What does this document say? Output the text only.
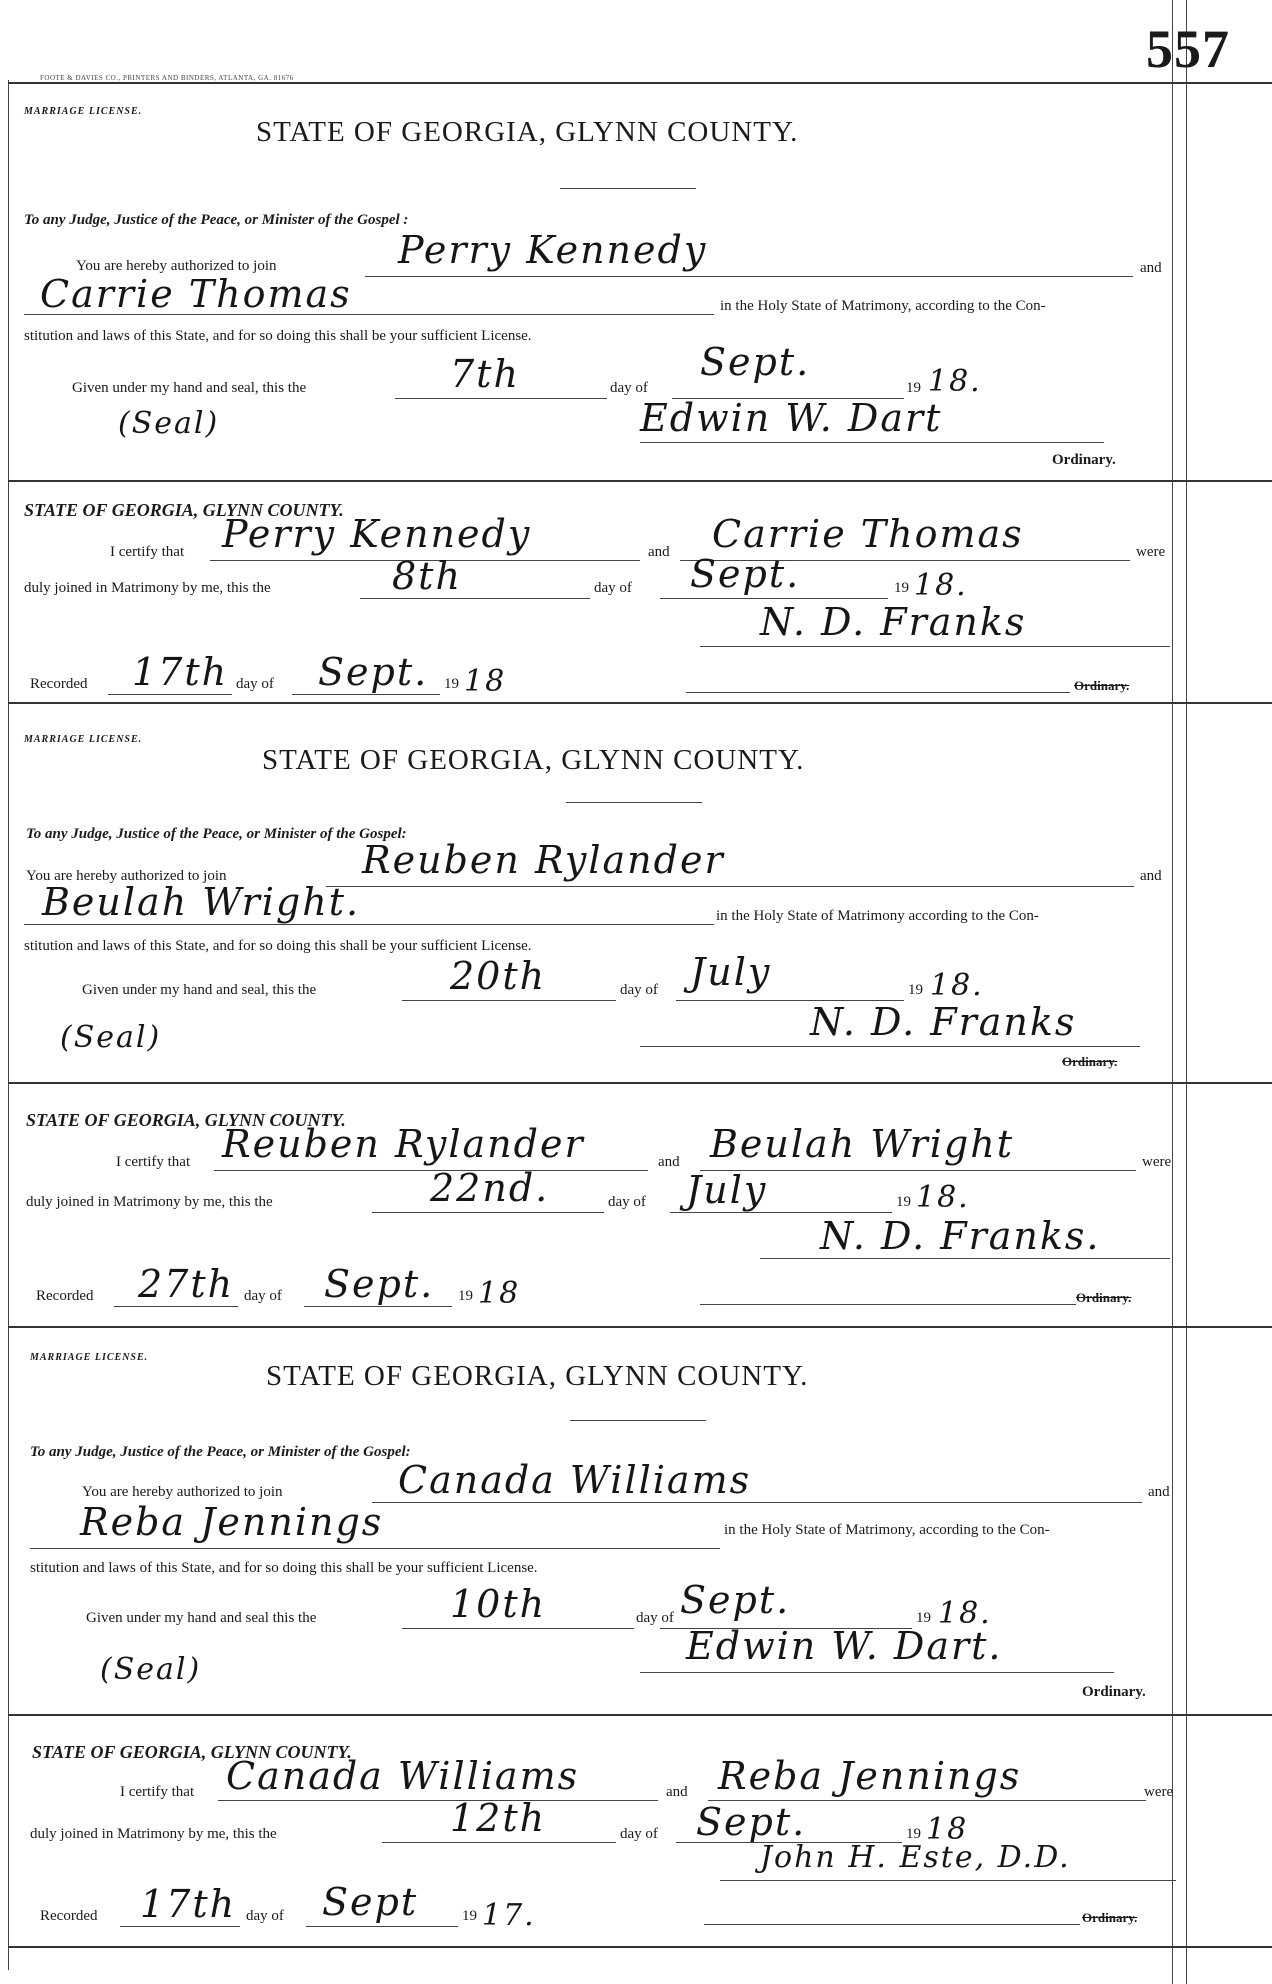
557
FOOTE & DAVIES CO., PRINTERS AND BINDERS, ATLANTA, GA. 81676
MARRIAGE LICENSE.
STATE OF GEORGIA, GLYNN COUNTY.
To any Judge, Justice of the Peace, or Minister of the Gospel :
You are hereby authorized to join	Perry Kennedy	and
Carrie Thomas	in the Holy State of Matrimony, according to the Con-
stitution and laws of this State, and for so doing this shall be your sufficient License.
Given under my hand and seal, this the	7th	day of
Sept.
19 18.
(Seal)	Edwin W. Dart
Ordinary.
STATE OF GEORGIA, GLYNN COUNTY.
I certify that Perry Kennedy	and Carrie Thomas	were
duly joined in Matrimony by me, this the	8th	day of Sept.	19 18.
N. D. Franks
Recorded 17th day of Sept. 19 18	Ordinary.
MARRIAGE LICENSE.
STATE OF GEORGIA, GLYNN COUNTY.
To any Judge, Justice of the Peace, or Minister of the Gospel:
You are hereby authorized to join	Reuben Rylander	and
Beulah Wright.	in the Holy State of Matrimony according to the Con-
stitution and laws of this State, and for so doing this shall be your sufficient License.
Given under my hand and seal, this the	20th	day of July	19 18.
(Seal)	N. D. Franks
Ordinary.
STATE OF GEORGIA, GLYNN COUNTY.
I certify that Reuben Rylander	and Beulah Wright	were
duly joined in Matrimony by me, this the	22nd.	day of July	19 18.
N. D. Franks.
Recorded 27th day of Sept. 19 18	Ordinary.
MARRIAGE LICENSE.
STATE OF GEORGIA, GLYNN COUNTY.
To any Judge, Justice of the Peace, or Minister of the Gospel:
You are hereby authorized to join	Canada Williams	and
Reba Jennings	in the Holy State of Matrimony, according to the Con-
stitution and laws of this State, and for so doing this shall be your sufficient License.
Given under my hand and seal this the	10th	day of Sept.	19 18.
(Seal)
Edwin W. Dart.
Ordinary.
STATE OF GEORGIA, GLYNN COUNTY.
I certify that Canada Williams	and Reba Jennings	were
duly joined in Matrimony by me, this the	12th	day of Sept.	19 18
John H. Este, D.D.
Recorded 17th day of Sept	19 17.	Ordinary.
